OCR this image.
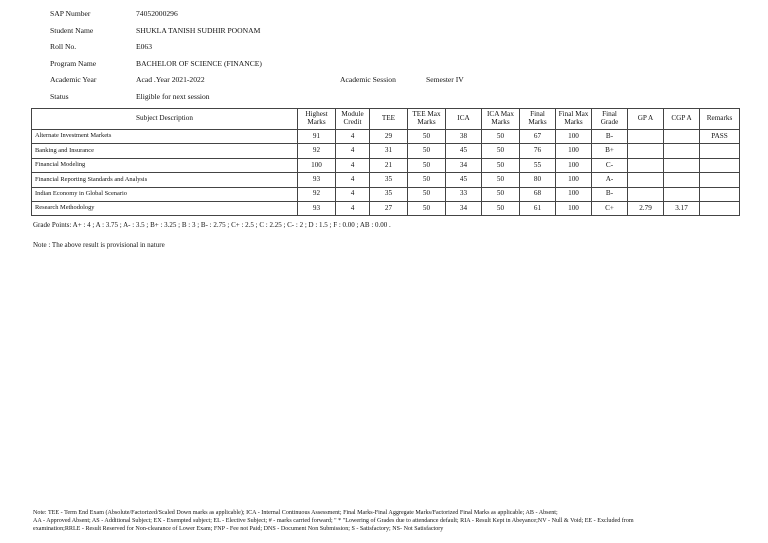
SAP Number	74052000296
Student Name	SHUKLA TANISH SUDHIR POONAM
Roll No.	E063
Program Name	BACHELOR OF SCIENCE (FINANCE)
Academic Year	Acad .Year 2021-2022	Academic Session	Semester IV
Status	Eligible for next session
Subject Description	Highest Marks	Module Credit	TEE	TEE Max Marks	ICA	ICA Max Marks	Final Marks	Final Max Marks	Final Grade	GP A	CGP A	Remarks
Alternate Investment Markets	91	4	29	50	38	50	67	100	B-			PASS
Banking and Insurance	92	4	31	50	45	50	76	100	B+			
Financial Modeling	100	4	21	50	34	50	55	100	C-			
Financial Reporting Standards and Analysis	93	4	35	50	45	50	80	100	A-			
Indian Economy in Global Scenario	92	4	35	50	33	50	68	100	B-			
Research Methodology	93	4	27	50	34	50	61	100	C+	2.79	3.17	
Grade Points: A+ : 4 ; A : 3.75 ; A- : 3.5 ; B+ : 3.25 ; B : 3 ; B- : 2.75 ; C+ : 2.5 ; C : 2.25 ; C- : 2 ; D : 1.5 ; F : 0.00 ; AB : 0.00 .
Note : The above result is provisional in nature
Note: TEE - Term End Exam (Absolute/Factorized/Scaled Down marks as applicable); ICA - Internal Continuous Assessment; Final Marks-Final Aggregate Marks/Factorized Final Marks as applicable; AB - Absent;
AA - Approved Absent; AS - Additional Subject; EX - Exempted subject; EL - Elective Subject; # - marks carried forward; " * "Lowering of Grades due to attendance default; RIA - Result Kept in Abeyance;NV - Null & Void; EE - Excluded from
examination;RRLE - Result Reserved for Non-clearance of Lower Exam; FNP - Fee not Paid; DNS - Document Non Submission; S - Satisfactory; NS- Not Satisfactory
